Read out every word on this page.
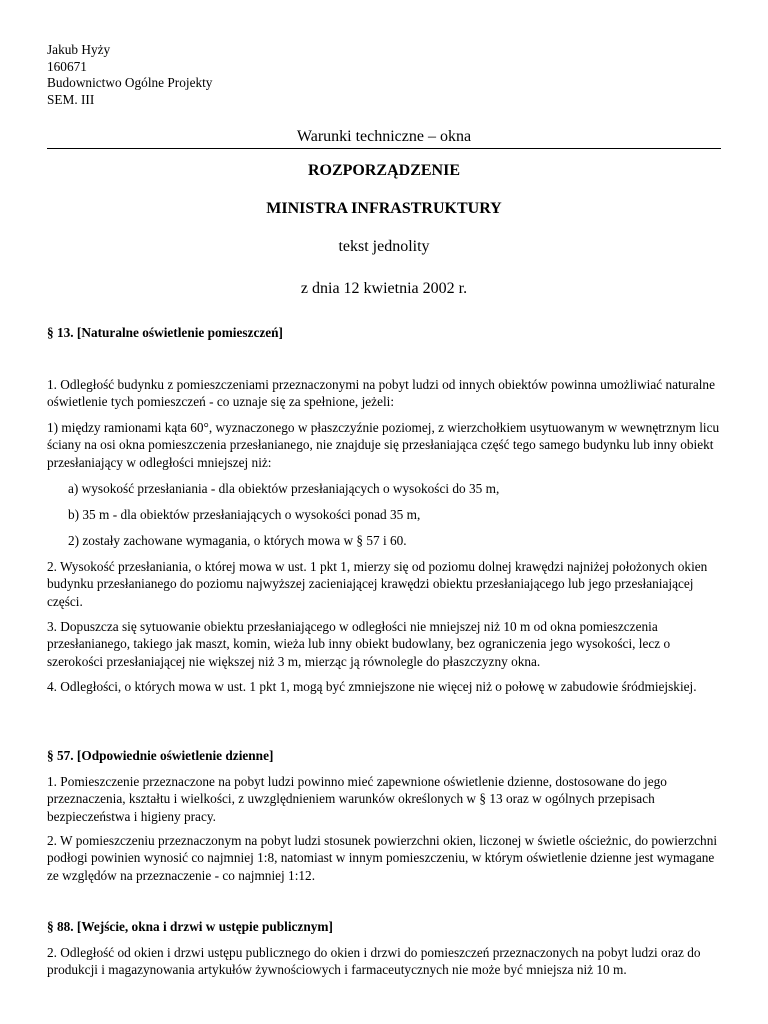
Jakub Hyży
160671
Budownictwo Ogólne Projekty
SEM. III
Warunki techniczne – okna
ROZPORZĄDZENIE
MINISTRA INFRASTRUKTURY
tekst jednolity
z dnia 12 kwietnia 2002 r.
§ 13. [Naturalne oświetlenie pomieszczeń]
1. Odległość budynku z pomieszczeniami przeznaczonymi na pobyt ludzi od innych obiektów powinna umożliwiać naturalne oświetlenie tych pomieszczeń - co uznaje się za spełnione, jeżeli:
1) między ramionami kąta 60°, wyznaczonego w płaszczyźnie poziomej, z wierzchołkiem usytuowanym w wewnętrznym licu ściany na osi okna pomieszczenia przesłanianego, nie znajduje się przesłaniająca część tego samego budynku lub inny obiekt przesłaniający w odległości mniejszej niż:
a) wysokość przesłaniania - dla obiektów przesłaniających o wysokości do 35 m,
b) 35 m - dla obiektów przesłaniających o wysokości ponad 35 m,
2) zostały zachowane wymagania, o których mowa w § 57 i 60.
2. Wysokość przesłaniania, o której mowa w ust. 1 pkt 1, mierzy się od poziomu dolnej krawędzi najniżej położonych okien budynku przesłanianego do poziomu najwyższej zacieniającej krawędzi obiektu przesłaniającego lub jego przesłaniającej części.
3. Dopuszcza się sytuowanie obiektu przesłaniającego w odległości nie mniejszej niż 10 m od okna pomieszczenia przesłanianego, takiego jak maszt, komin, wieża lub inny obiekt budowlany, bez ograniczenia jego wysokości, lecz o szerokości przesłaniającej nie większej niż 3 m, mierząc ją równolegle do płaszczyzny okna.
4. Odległości, o których mowa w ust. 1 pkt 1, mogą być zmniejszone nie więcej niż o połowę w zabudowie śródmiejskiej.
§ 57. [Odpowiednie oświetlenie dzienne]
1. Pomieszczenie przeznaczone na pobyt ludzi powinno mieć zapewnione oświetlenie dzienne, dostosowane do jego przeznaczenia, kształtu i wielkości, z uwzględnieniem warunków określonych w § 13 oraz w ogólnych przepisach bezpieczeństwa i higieny pracy.
2. W pomieszczeniu przeznaczonym na pobyt ludzi stosunek powierzchni okien, liczonej w świetle ościeżnic, do powierzchni podłogi powinien wynosić co najmniej 1:8, natomiast w innym pomieszczeniu, w którym oświetlenie dzienne jest wymagane ze względów na przeznaczenie - co najmniej 1:12.
§ 88. [Wejście, okna i drzwi w ustępie publicznym]
2. Odległość od okien i drzwi ustępu publicznego do okien i drzwi do pomieszczeń przeznaczonych na pobyt ludzi oraz do produkcji i magazynowania artykułów żywnościowych i farmaceutycznych nie może być mniejsza niż 10 m.
